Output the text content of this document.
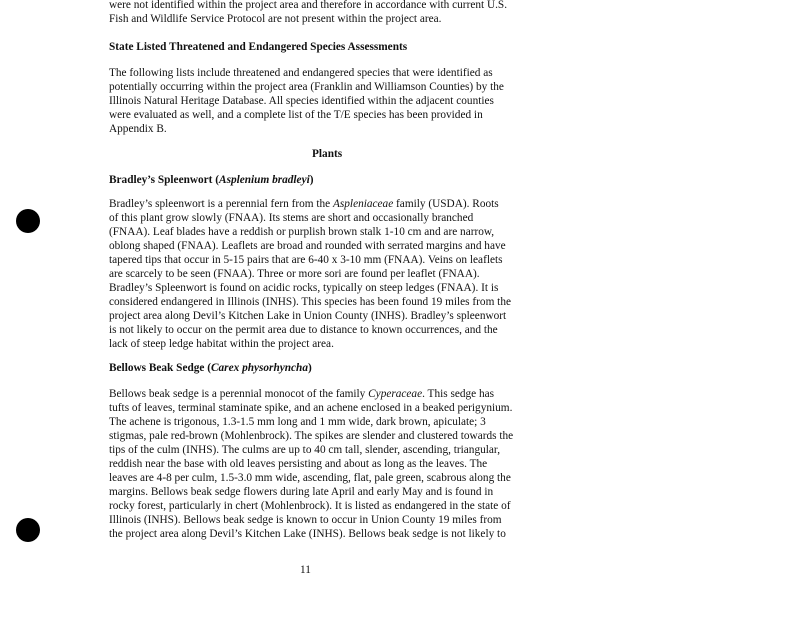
were not identified within the project area and therefore in accordance with current U.S.
Fish and Wildlife Service Protocol are not present within the project area.
State Listed Threatened and Endangered Species Assessments
The following lists include threatened and endangered species that were identified as
potentially occurring within the project area (Franklin and Williamson Counties) by the
Illinois Natural Heritage Database. All species identified within the adjacent counties
were evaluated as well, and a complete list of the T/E species has been provided in
Appendix B.
Plants
Bradley’s Spleenwort (Asplenium bradleyi)
Bradley’s spleenwort is a perennial fern from the Aspleniaceae family (USDA). Roots
of this plant grow slowly (FNAA). Its stems are short and occasionally branched
(FNAA). Leaf blades have a reddish or purplish brown stalk 1-10 cm and are narrow,
oblong shaped (FNAA). Leaflets are broad and rounded with serrated margins and have
tapered tips that occur in 5-15 pairs that are 6-40 x 3-10 mm (FNAA). Veins on leaflets
are scarcely to be seen (FNAA). Three or more sori are found per leaflet (FNAA).
Bradley’s Spleenwort is found on acidic rocks, typically on steep ledges (FNAA). It is
considered endangered in Illinois (INHS). This species has been found 19 miles from the
project area along Devil’s Kitchen Lake in Union County (INHS). Bradley’s spleenwort
is not likely to occur on the permit area due to distance to known occurrences, and the
lack of steep ledge habitat within the project area.
Bellows Beak Sedge (Carex physorhyncha)
Bellows beak sedge is a perennial monocot of the family Cyperaceae. This sedge has
tufts of leaves, terminal staminate spike, and an achene enclosed in a beaked perigynium.
The achene is trigonous, 1.3-1.5 mm long and 1 mm wide, dark brown, apiculate; 3
stigmas, pale red-brown (Mohlenbrock). The spikes are slender and clustered towards the
tips of the culm (INHS). The culms are up to 40 cm tall, slender, ascending, triangular,
reddish near the base with old leaves persisting and about as long as the leaves. The
leaves are 4-8 per culm, 1.5-3.0 mm wide, ascending, flat, pale green, scabrous along the
margins. Bellows beak sedge flowers during late April and early May and is found in
rocky forest, particularly in chert (Mohlenbrock). It is listed as endangered in the state of
Illinois (INHS). Bellows beak sedge is known to occur in Union County 19 miles from
the project area along Devil’s Kitchen Lake (INHS). Bellows beak sedge is not likely to
11
